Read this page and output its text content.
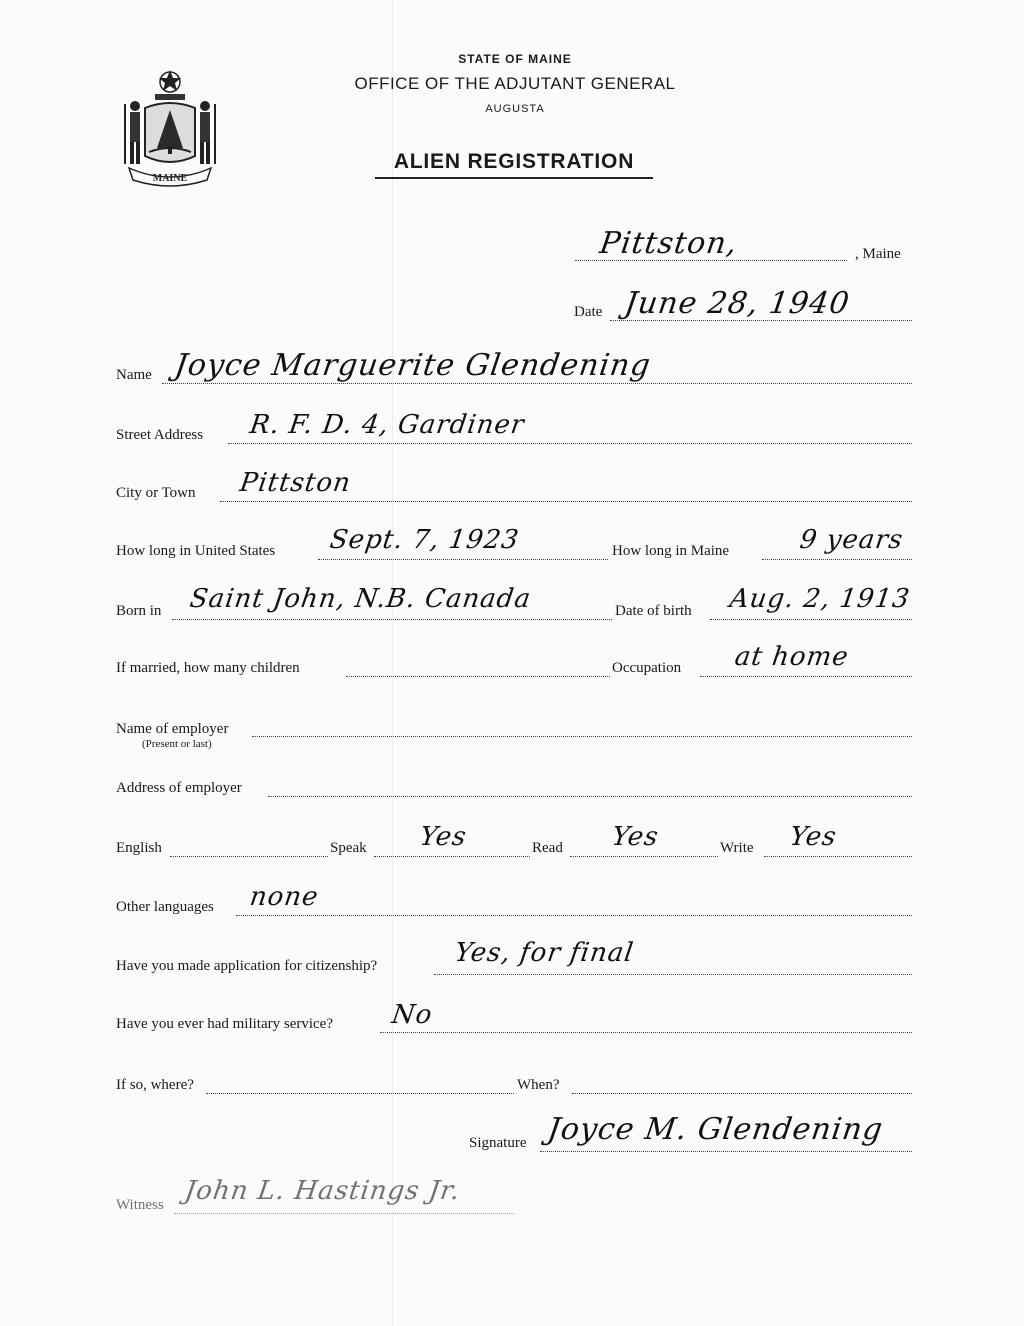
MAINE
STATE OF MAINE
OFFICE OF THE ADJUTANT GENERAL
AUGUSTA
ALIEN REGISTRATION
Pittston,	, Maine
Date June 28, 1940
Name Joyce Marguerite Glendening
Street Address R. F. D. 4, Gardiner
City or Town Pittston
How long in United States Sept. 7, 1923	How long in Maine	9 years
Born in Saint John, N.B. Canada	Date of birth Aug. 2, 1913
If married, how many children	Occupation at home
Name of employer
(Present or last)
Address of employer
English	Speak Yes	Read Yes	Write Yes
Other languages none
Have you made application for citizenship?	Yes, for final
Have you ever had military service? No
If so, where?	When?
Signature Joyce M. Glendening
Witness John L. Hastings Jr.
